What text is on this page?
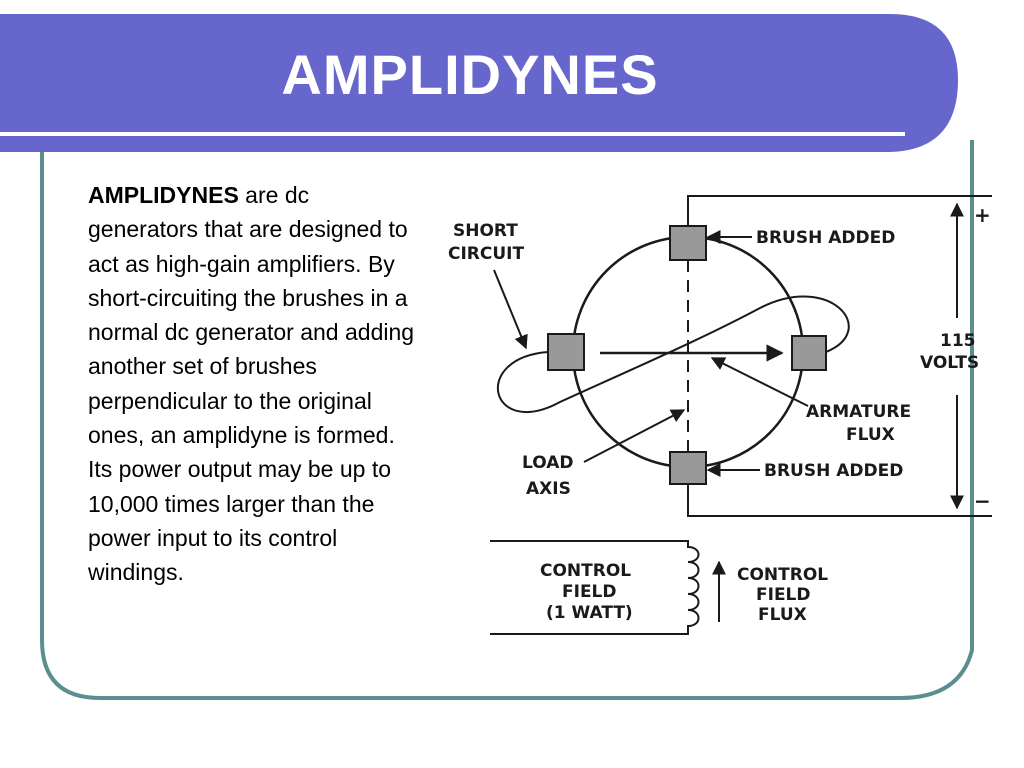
AMPLIDYNES
AMPLIDYNES are dc generators that are designed to act as high-gain amplifiers. By short-circuiting the brushes in a normal dc generator and adding another set of brushes perpendicular to the original ones, an amplidyne is formed. Its power output may be up to 10,000 times larger than the power input to its control windings.
SHORT
CIRCUIT
BRUSH ADDED
BRUSH ADDED
ARMATURE
FLUX
LOAD
AXIS
115
VOLTS
+
−
CONTROL
FIELD
(1 WATT)
CONTROL
FIELD
FLUX
